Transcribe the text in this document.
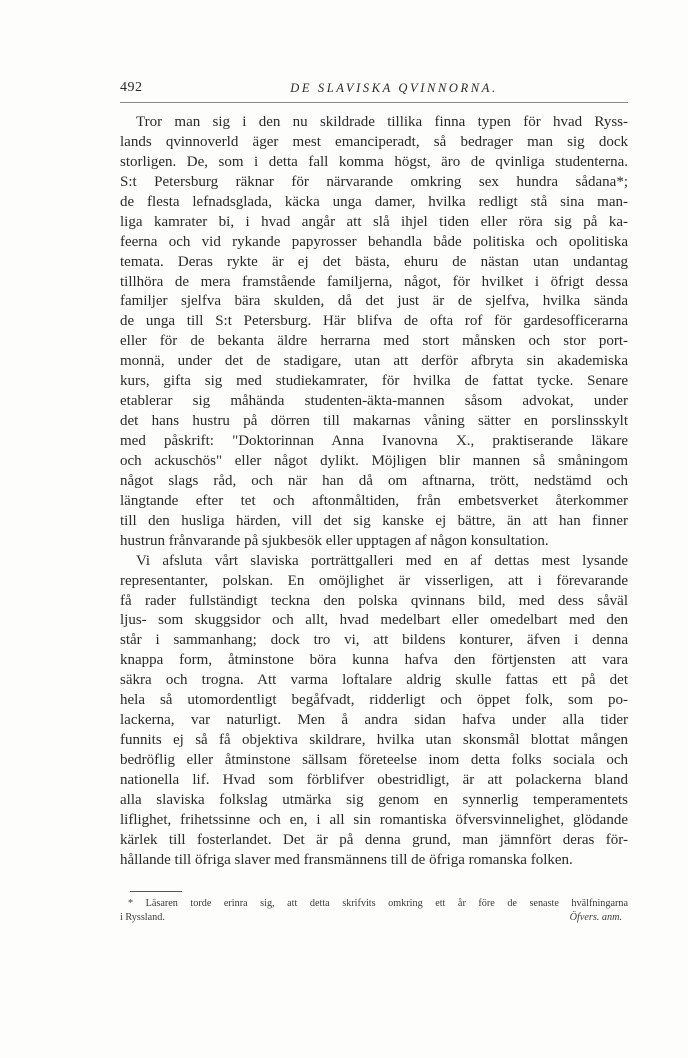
492	DE SLAVISKA QVINNORNA.
Tror man sig i den nu skildrade tillika finna typen för hvad Ryss-
lands qvinnoverld äger mest emanciperadt, så bedrager man sig dock
storligen. De, som i detta fall komma högst, äro de qvinliga studenterna.
S:t Petersburg räknar för närvarande omkring sex hundra sådana*;
de flesta lefnadsglada, käcka unga damer, hvilka redligt stå sina man-
liga kamrater bi, i hvad angår att slå ihjel tiden eller röra sig på ka-
feerna och vid rykande papyrosser behandla både politiska och opolitiska
temata. Deras rykte är ej det bästa, ehuru de nästan utan undantag
tillhöra de mera framstående familjerna, något, för hvilket i öfrigt dessa
familjer sjelfva bära skulden, då det just är de sjelfva, hvilka sända
de unga till S:t Petersburg. Här blifva de ofta rof för gardesofficerarna
eller för de bekanta äldre herrarna med stort månsken och stor port-
monnä, under det de stadigare, utan att derför afbryta sin akademiska
kurs, gifta sig med studiekamrater, för hvilka de fattat tycke. Senare
etablerar sig måhända studenten-äkta-mannen såsom advokat, under
det hans hustru på dörren till makarnas våning sätter en porslinsskylt
med påskrift: "Doktorinnan Anna Ivanovna X., praktiserande läkare
och ackuschös" eller något dylikt. Möjligen blir mannen så småningom
något slags råd, och när han då om aftnarna, trött, nedstämd och
längtande efter tet och aftonmåltiden, från embetsverket återkommer
till den husliga härden, vill det sig kanske ej bättre, än att han finner
hustrun frånvarande på sjukbesök eller upptagen af någon konsultation.
Vi afsluta vårt slaviska porträttgalleri med en af dettas mest lysande
representanter, polskan. En omöjlighet är visserligen, att i förevarande
få rader fullständigt teckna den polska qvinnans bild, med dess såväl
ljus- som skuggsidor och allt, hvad medelbart eller omedelbart med den
står i sammanhang; dock tro vi, att bildens konturer, äfven i denna
knappa form, åtminstone böra kunna hafva den förtjensten att vara
säkra och trogna. Att varma loftalare aldrig skulle fattas ett på det
hela så utomordentligt begåfvadt, ridderligt och öppet folk, som po-
lackerna, var naturligt. Men å andra sidan hafva under alla tider
funnits ej så få objektiva skildrare, hvilka utan skonsmål blottat mången
bedröflig eller åtminstone sällsam företeelse inom detta folks sociala och
nationella lif. Hvad som förblifver obestridligt, är att polackerna bland
alla slaviska folkslag utmärka sig genom en synnerlig temperamentets
liflighet, frihetssinne och en, i all sin romantiska öfversvinnelighet, glödande
kärlek till fosterlandet. Det är på denna grund, man jämnfört deras för-
hållande till öfriga slaver med fransmännens till de öfriga romanska folken.
* Läsaren torde erinra sig, att detta skrifvits omkring ett år före de senaste hvälfningarna
i Ryssland.	Öfvers. anm.
